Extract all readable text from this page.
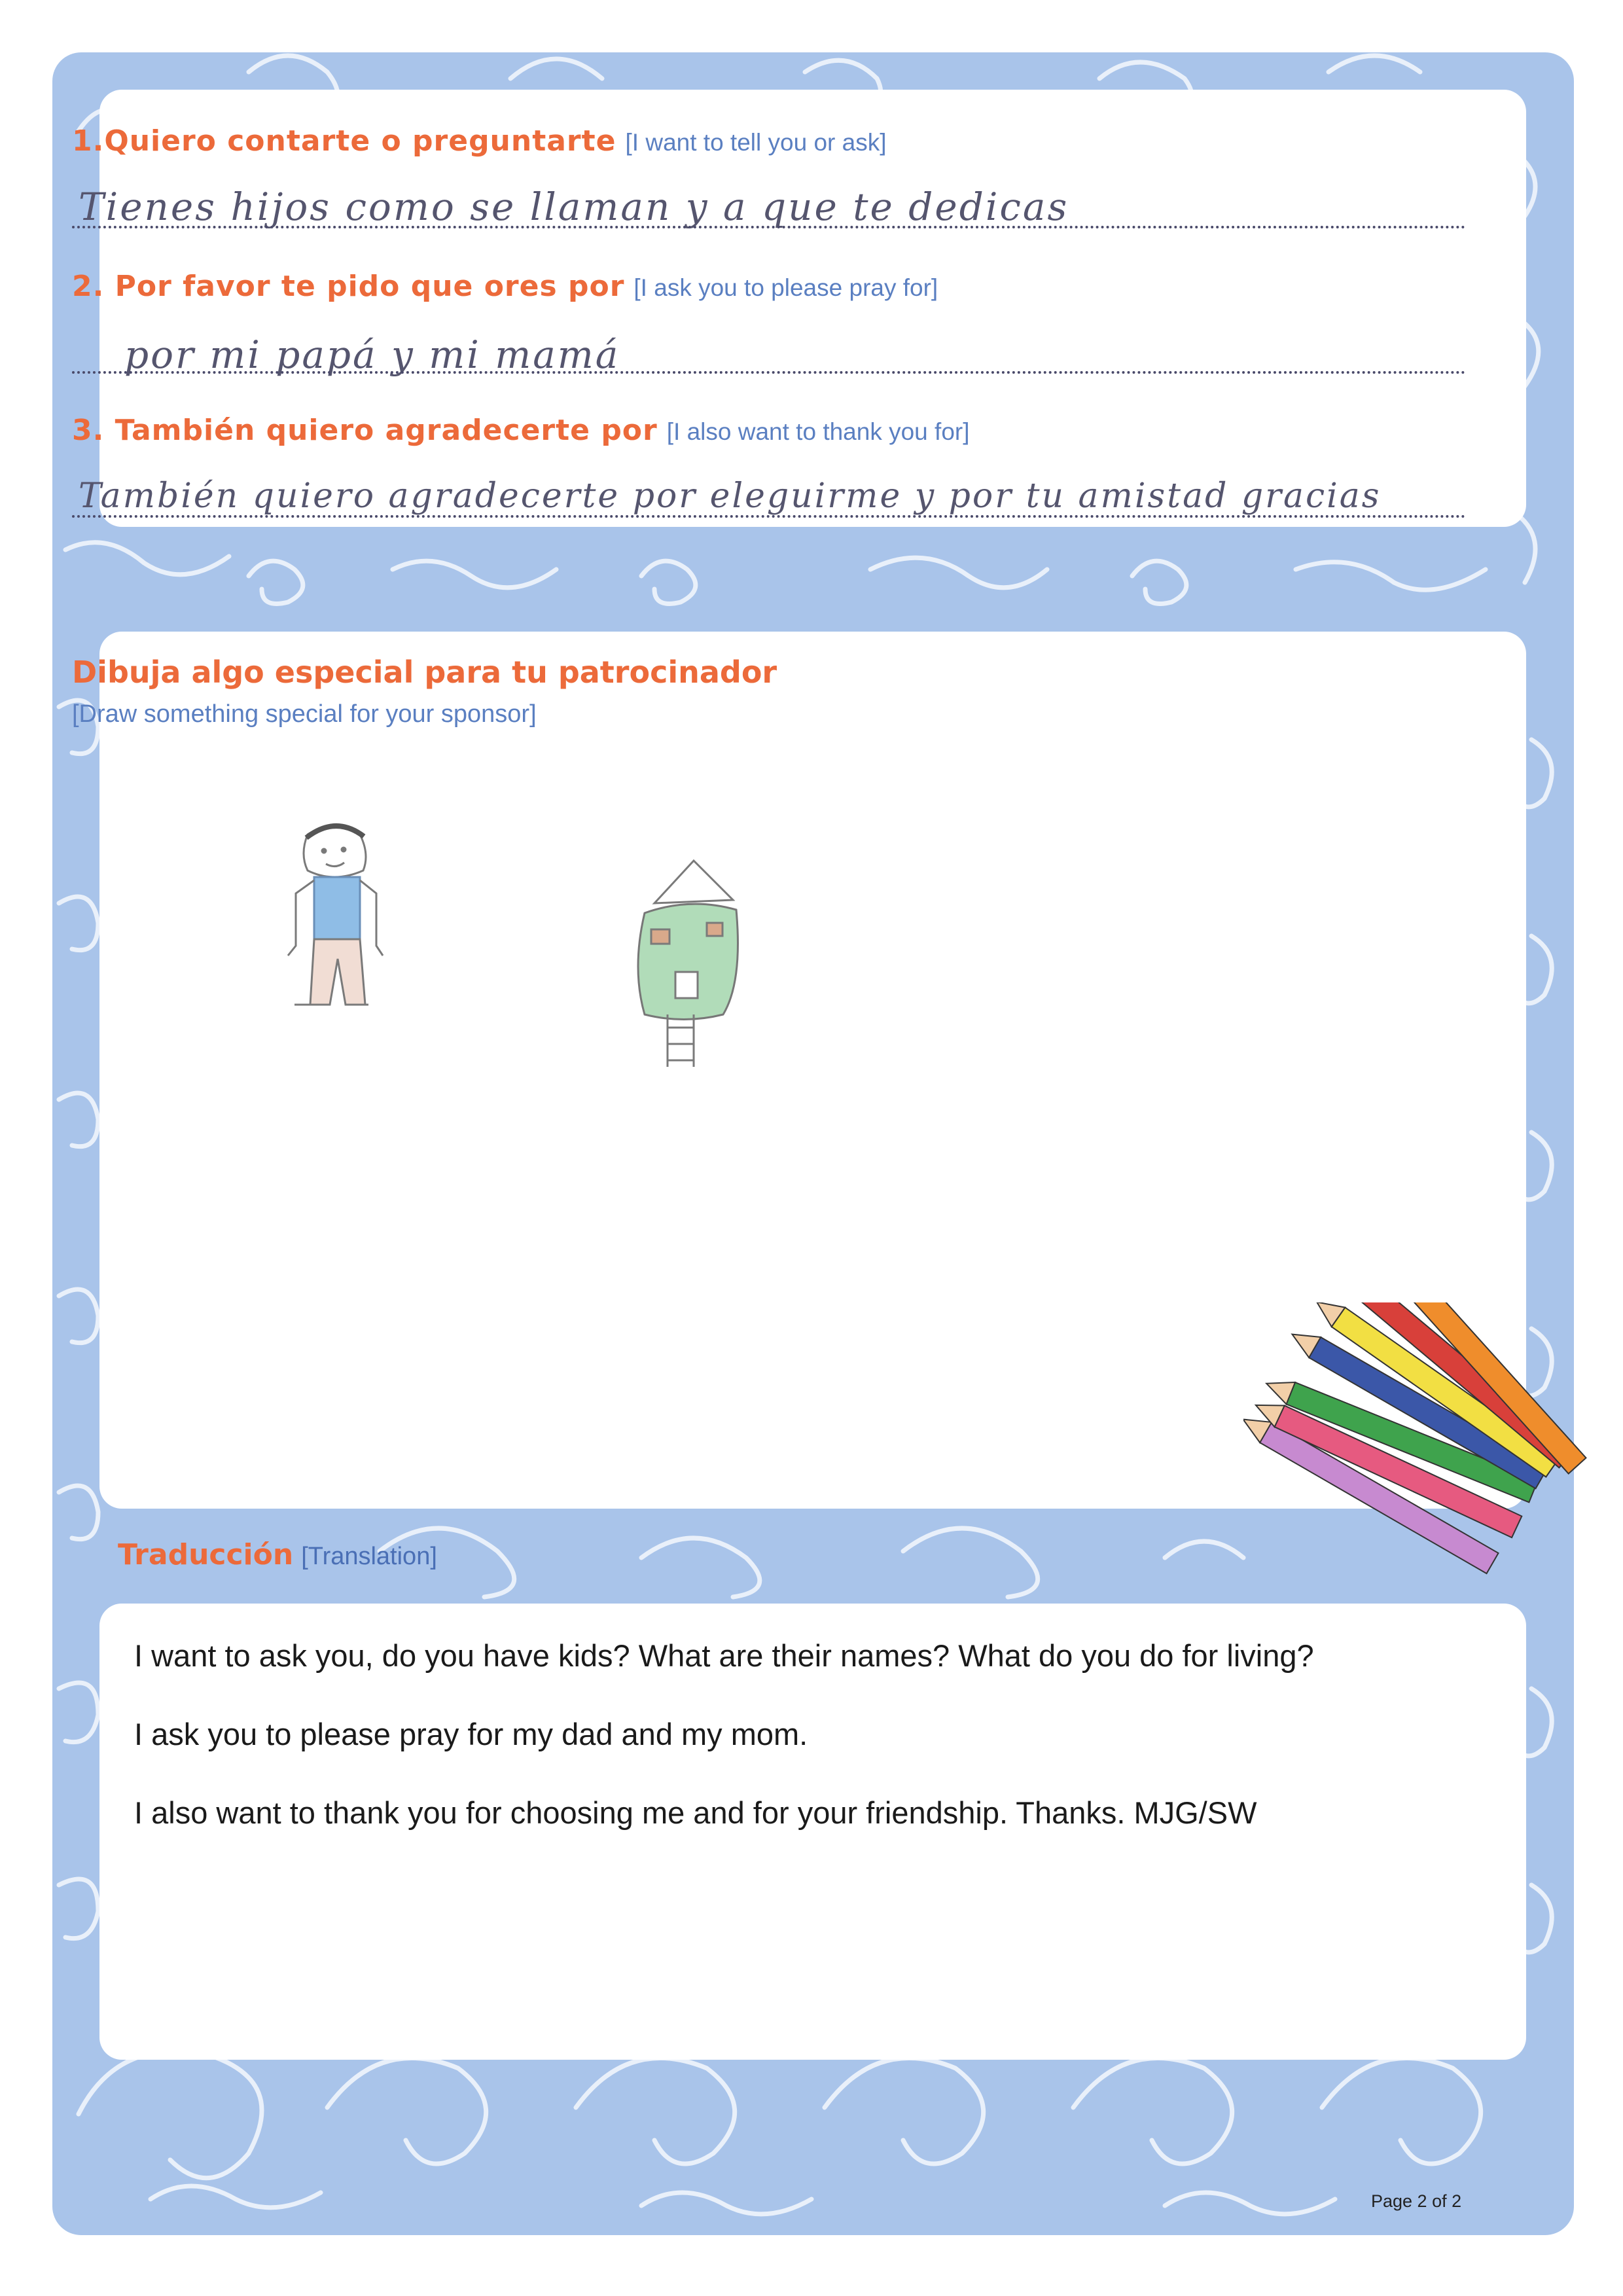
1.Quiero contarte o preguntarte [I want to tell you or ask]
Tienes hijos como se llaman y a que te dedicas
2. Por favor te pido que ores por [I ask you to please pray for]
por mi papá y mi mamá
3. También quiero agradecerte por [I also want to thank you for]
También quiero agradecerte por eleguirme y por tu amistad gracias
Dibuja algo especial para tu patrocinador
[Draw something special for your sponsor]
Traducción [Translation]
I want to ask you, do you have kids? What are their names? What do you do for living?
I ask you to please pray for my dad and my mom.
I also want to thank you for choosing me and for your friendship. Thanks. MJG/SW
Page 2 of 2
